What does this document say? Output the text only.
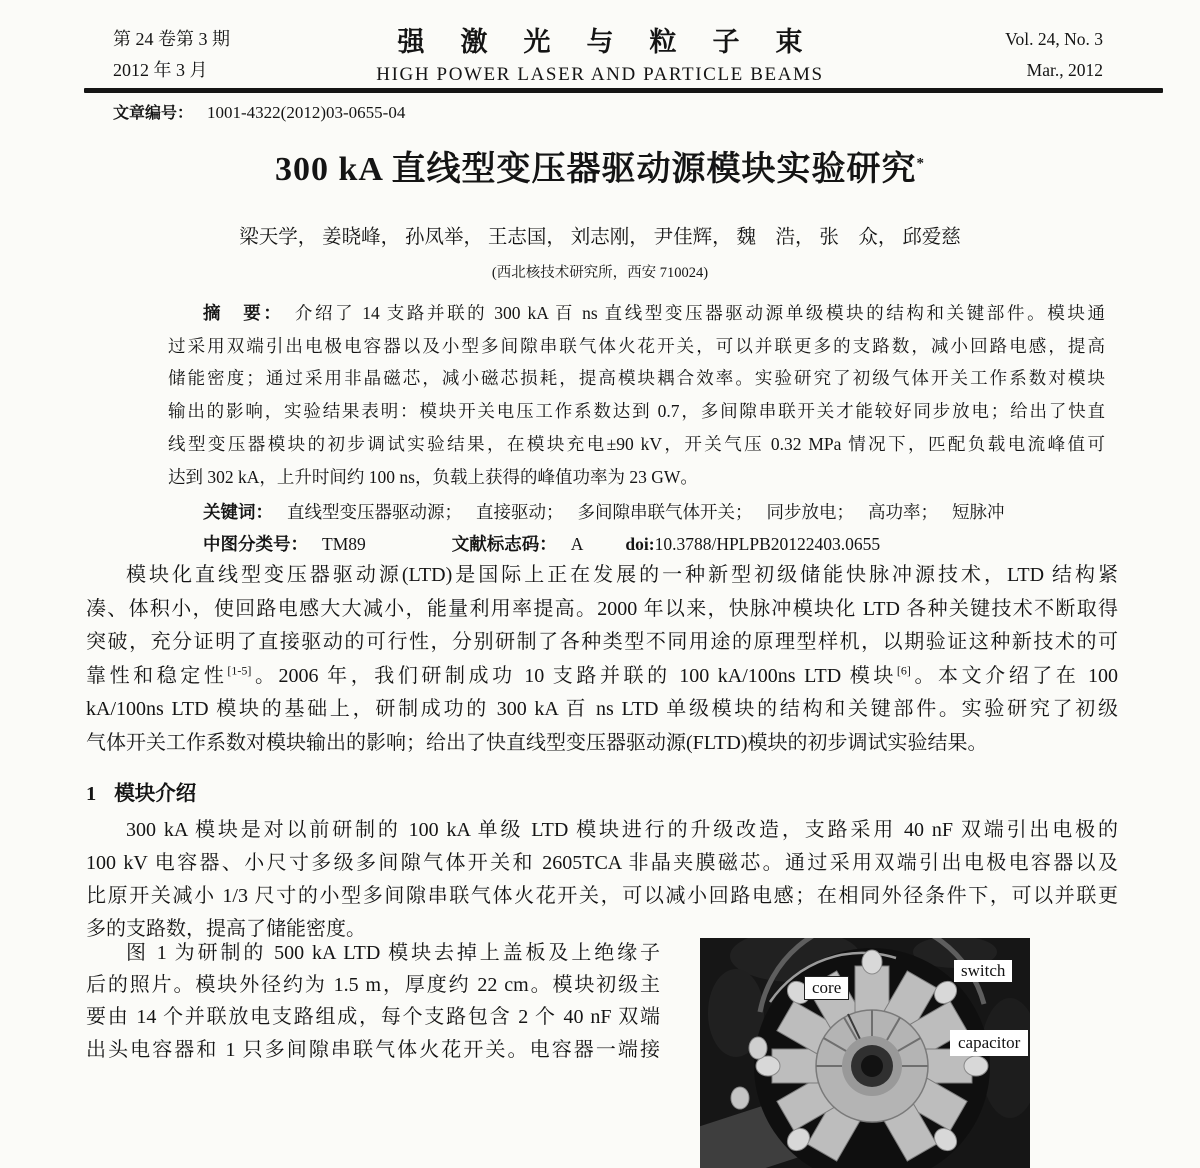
第 24 卷第 3 期
2012 年 3 月
强激光与粒子束
HIGH POWER LASER AND PARTICLE BEAMS
Vol. 24, No. 3
Mar., 2012
文章编号： 1001-4322(2012)03-0655-04
300 kA 直线型变压器驱动源模块实验研究*
梁天学， 姜晓峰， 孙凤举， 王志国， 刘志刚， 尹佳辉， 魏　浩， 张　众， 邱爱慈
(西北核技术研究所，西安 710024)
摘　要：　介绍了 14 支路并联的 300 kA 百 ns 直线型变压器驱动源单级模块的结构和关键部件。模块通
过采用双端引出电极电容器以及小型多间隙串联气体火花开关，可以并联更多的支路数，减小回路电感，提高
储能密度；通过采用非晶磁芯，减小磁芯损耗，提高模块耦合效率。实验研究了初级气体开关工作系数对模块
输出的影响，实验结果表明：模块开关电压工作系数达到 0.7，多间隙串联开关才能较好同步放电；给出了快直
线型变压器模块的初步调试实验结果，在模块充电±90 kV，开关气压 0.32 MPa 情况下，匹配负载电流峰值可
达到 302 kA，上升时间约 100 ns，负载上获得的峰值功率为 23 GW。
关键词： 直线型变压器驱动源； 直接驱动； 多间隙串联气体开关； 同步放电； 高功率； 短脉冲
中图分类号： TM89	文献标志码： A doi:10.3788/HPLPB20122403.0655
模块化直线型变压器驱动源(LTD)是国际上正在发展的一种新型初级储能快脉冲源技术，LTD 结构紧
凑、体积小，使回路电感大大减小，能量利用率提高。2000 年以来，快脉冲模块化 LTD 各种关键技术不断取得
突破，充分证明了直接驱动的可行性，分别研制了各种类型不同用途的原理型样机，以期验证这种新技术的可
靠性和稳定性[1-5]。2006 年，我们研制成功 10 支路并联的 100 kA/100ns LTD 模块[6]。本文介绍了在 100
kA/100ns LTD 模块的基础上，研制成功的 300 kA 百 ns LTD 单级模块的结构和关键部件。实验研究了初级
气体开关工作系数对模块输出的影响；给出了快直线型变压器驱动源(FLTD)模块的初步调试实验结果。
1 模块介绍
300 kA 模块是对以前研制的 100 kA 单级 LTD 模块进行的升级改造，支路采用 40 nF 双端引出电极的
100 kV 电容器、小尺寸多级多间隙气体开关和 2605TCA 非晶夹膜磁芯。通过采用双端引出电极电容器以及
比原开关减小 1/3 尺寸的小型多间隙串联气体火花开关，可以减小回路电感；在相同外径条件下，可以并联更
多的支路数，提高了储能密度。
图 1 为研制的 500 kA LTD 模块去掉上盖板及上绝缘子
后的照片。模块外径约为 1.5 m，厚度约 22 cm。模块初级主
要由 14 个并联放电支路组成，每个支路包含 2 个 40 nF 双端
出头电容器和 1 只多间隙串联气体火花开关。电容器一端接
core
switch
capacitor
